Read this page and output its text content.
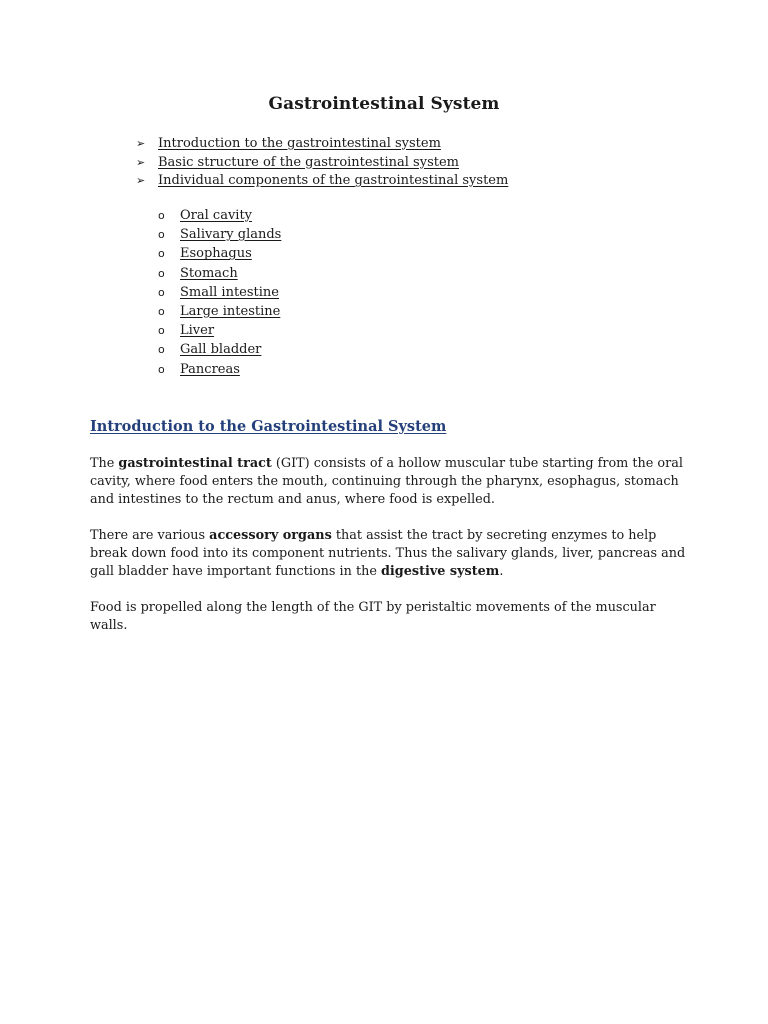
Gastrointestinal System
➢ Introduction to the gastrointestinal system
➢ Basic structure of the gastrointestinal system
➢ Individual components of the gastrointestinal system
o Oral cavity
o Salivary glands
o Esophagus
o Stomach
o Small intestine
o Large intestine
o Liver
o Gall bladder
o Pancreas
Introduction to the Gastrointestinal System

The gastrointestinal tract (GIT) consists of a hollow muscular tube starting from the oral cavity, where food enters the mouth, continuing through the pharynx, esophagus, stomach and intestines to the rectum and anus, where food is expelled.

There are various accessory organs that assist the tract by secreting enzymes to help break down food into its component nutrients. Thus the salivary glands, liver, pancreas and gall bladder have important functions in the digestive system.

Food is propelled along the length of the GIT by peristaltic movements of the muscular walls.
